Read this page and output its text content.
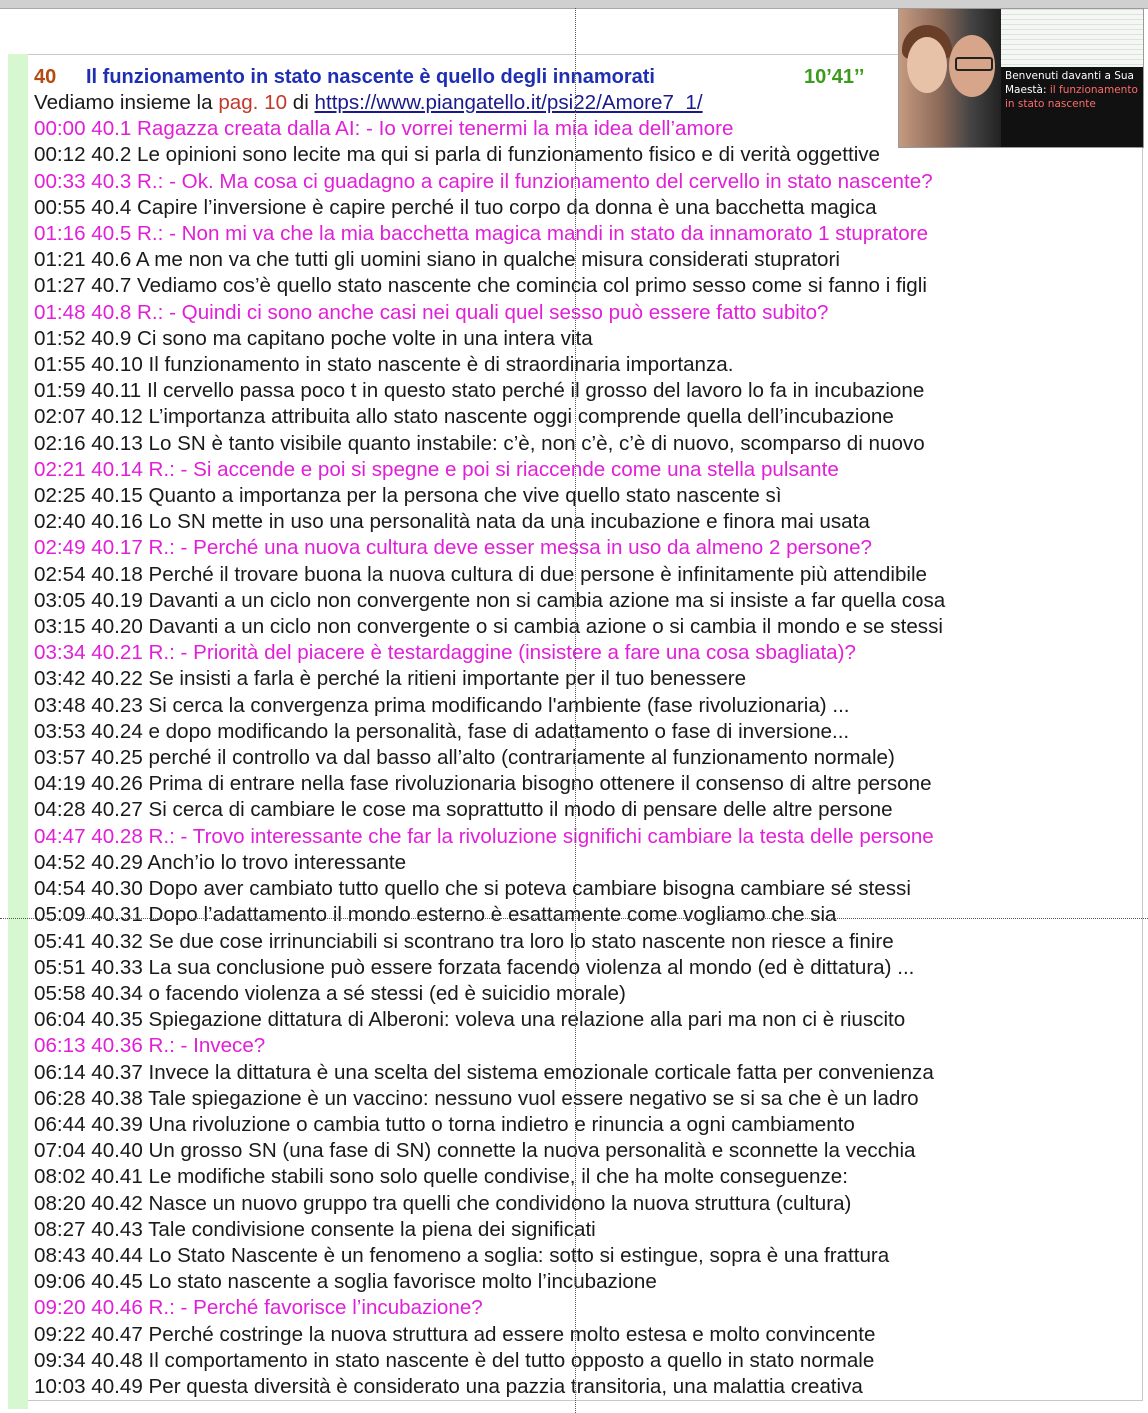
40 Il funzionamento in stato nascente è quello degli innamorati	10’41’’
Vediamo insieme la pag. 10 di https://www.piangatello.it/psi22/Amore7_1/
00:00 40.1 Ragazza creata dalla AI: - Io vorrei tenermi la mia idea dell’amore
00:12 40.2 Le opinioni sono lecite ma qui si parla di funzionamento fisico e di verità oggettive
00:33 40.3 R.: - Ok. Ma cosa ci guadagno a capire il funzionamento del cervello in stato nascente?
00:55 40.4 Capire l’inversione è capire perché il tuo corpo da donna è una bacchetta magica
01:16 40.5 R.: - Non mi va che la mia bacchetta magica mandi in stato da innamorato 1 stupratore
01:21 40.6 A me non va che tutti gli uomini siano in qualche misura considerati stupratori
01:27 40.7 Vediamo cos’è quello stato nascente che comincia col primo sesso come si fanno i figli
01:48 40.8 R.: - Quindi ci sono anche casi nei quali quel sesso può essere fatto subito?
01:52 40.9 Ci sono ma capitano poche volte in una intera vita
01:55 40.10 Il funzionamento in stato nascente è di straordinaria importanza.
01:59 40.11 Il cervello passa poco t in questo stato perché il grosso del lavoro lo fa in incubazione
02:07 40.12 L’importanza attribuita allo stato nascente oggi comprende quella dell’incubazione
02:16 40.13 Lo SN è tanto visibile quanto instabile: c’è, non c’è, c’è di nuovo, scomparso di nuovo
02:21 40.14 R.: - Si accende e poi si spegne e poi si riaccende come una stella pulsante
02:25 40.15 Quanto a importanza per la persona che vive quello stato nascente sì
02:40 40.16 Lo SN mette in uso una personalità nata da una incubazione e finora mai usata
02:49 40.17 R.: - Perché una nuova cultura deve esser messa in uso da almeno 2 persone?
02:54 40.18 Perché il trovare buona la nuova cultura di due persone è infinitamente più attendibile
03:05 40.19 Davanti a un ciclo non convergente non si cambia azione ma si insiste a far quella cosa
03:15 40.20 Davanti a un ciclo non convergente o si cambia azione o si cambia il mondo e se stessi
03:34 40.21 R.: - Priorità del piacere è testardaggine (insistere a fare una cosa sbagliata)?
03:42 40.22 Se insisti a farla è perché la ritieni importante per il tuo benessere
03:48 40.23 Si cerca la convergenza prima modificando l'ambiente (fase rivoluzionaria) ...
03:53 40.24 e dopo modificando la personalità, fase di adattamento o fase di inversione...
03:57 40.25 perché il controllo va dal basso all’alto (contrariamente al funzionamento normale)
04:19 40.26 Prima di entrare nella fase rivoluzionaria bisogno ottenere il consenso di altre persone
04:28 40.27 Si cerca di cambiare le cose ma soprattutto il modo di pensare delle altre persone
04:47 40.28 R.: - Trovo interessante che far la rivoluzione significhi cambiare la testa delle persone
04:52 40.29 Anch’io lo trovo interessante
04:54 40.30 Dopo aver cambiato tutto quello che si poteva cambiare bisogna cambiare sé stessi
05:09 40.31 Dopo l’adattamento il mondo esterno è esattamente come vogliamo che sia
05:41 40.32 Se due cose irrinunciabili si scontrano tra loro lo stato nascente non riesce a finire
05:51 40.33 La sua conclusione può essere forzata facendo violenza al mondo (ed è dittatura) ...
05:58 40.34 o facendo violenza a sé stessi (ed è suicidio morale)
06:04 40.35 Spiegazione dittatura di Alberoni: voleva una relazione alla pari ma non ci è riuscito
06:13 40.36 R.: - Invece?
06:14 40.37 Invece la dittatura è una scelta del sistema emozionale corticale fatta per convenienza
06:28 40.38 Tale spiegazione è un vaccino: nessuno vuol essere negativo se si sa che è un ladro
06:44 40.39 Una rivoluzione o cambia tutto o torna indietro e rinuncia a ogni cambiamento
07:04 40.40 Un grosso SN (una fase di SN) connette la nuova personalità e sconnette la vecchia
08:02 40.41 Le modifiche stabili sono solo quelle condivise, il che ha molte conseguenze:
08:20 40.42 Nasce un nuovo gruppo tra quelli che condividono la nuova struttura (cultura)
08:27 40.43 Tale condivisione consente la piena dei significati
08:43 40.44 Lo Stato Nascente è un fenomeno a soglia: sotto si estingue, sopra è una frattura
09:06 40.45 Lo stato nascente a soglia favorisce molto l’incubazione
09:20 40.46 R.: - Perché favorisce l’incubazione?
09:22 40.47 Perché costringe la nuova struttura ad essere molto estesa e molto convincente
09:34 40.48 Il comportamento in stato nascente è del tutto opposto a quello in stato normale
10:03 40.49 Per questa diversità è considerato una pazzia transitoria, una malattia creativa
Benvenuti davanti a Sua Maestà: il funzionamento in stato nascente
